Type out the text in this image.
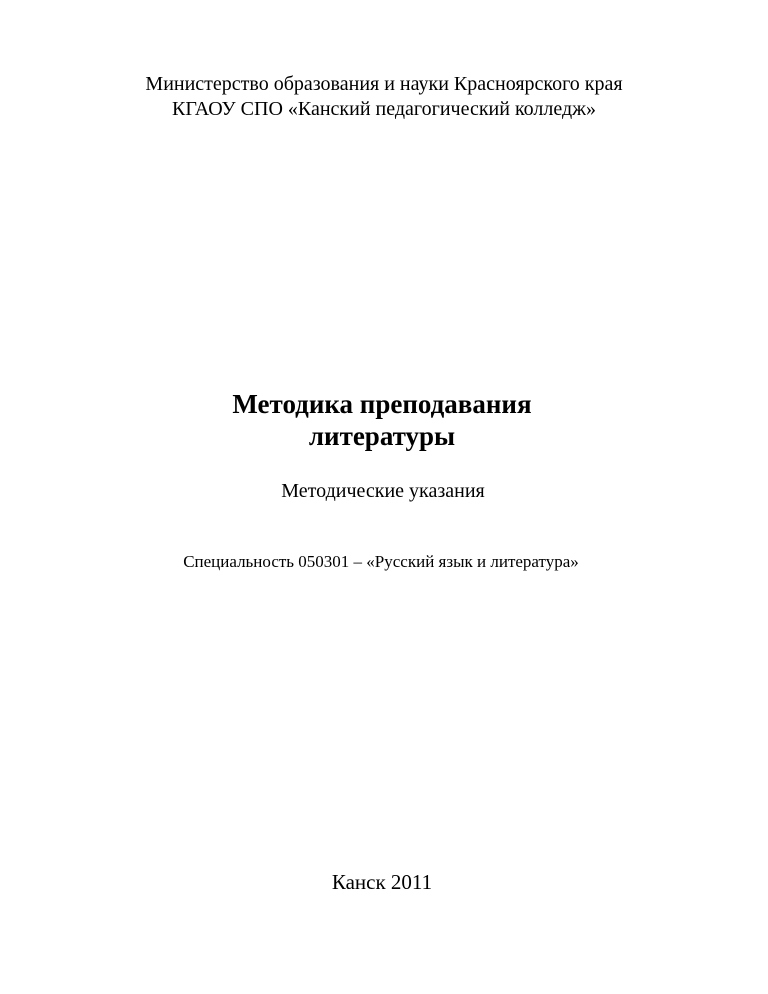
Министерство образования и науки Красноярского края
КГАОУ СПО «Канский педагогический колледж»
Методика преподавания
литературы
Методические указания
Специальность 050301 – «Русский язык и литература»
Канск 2011
